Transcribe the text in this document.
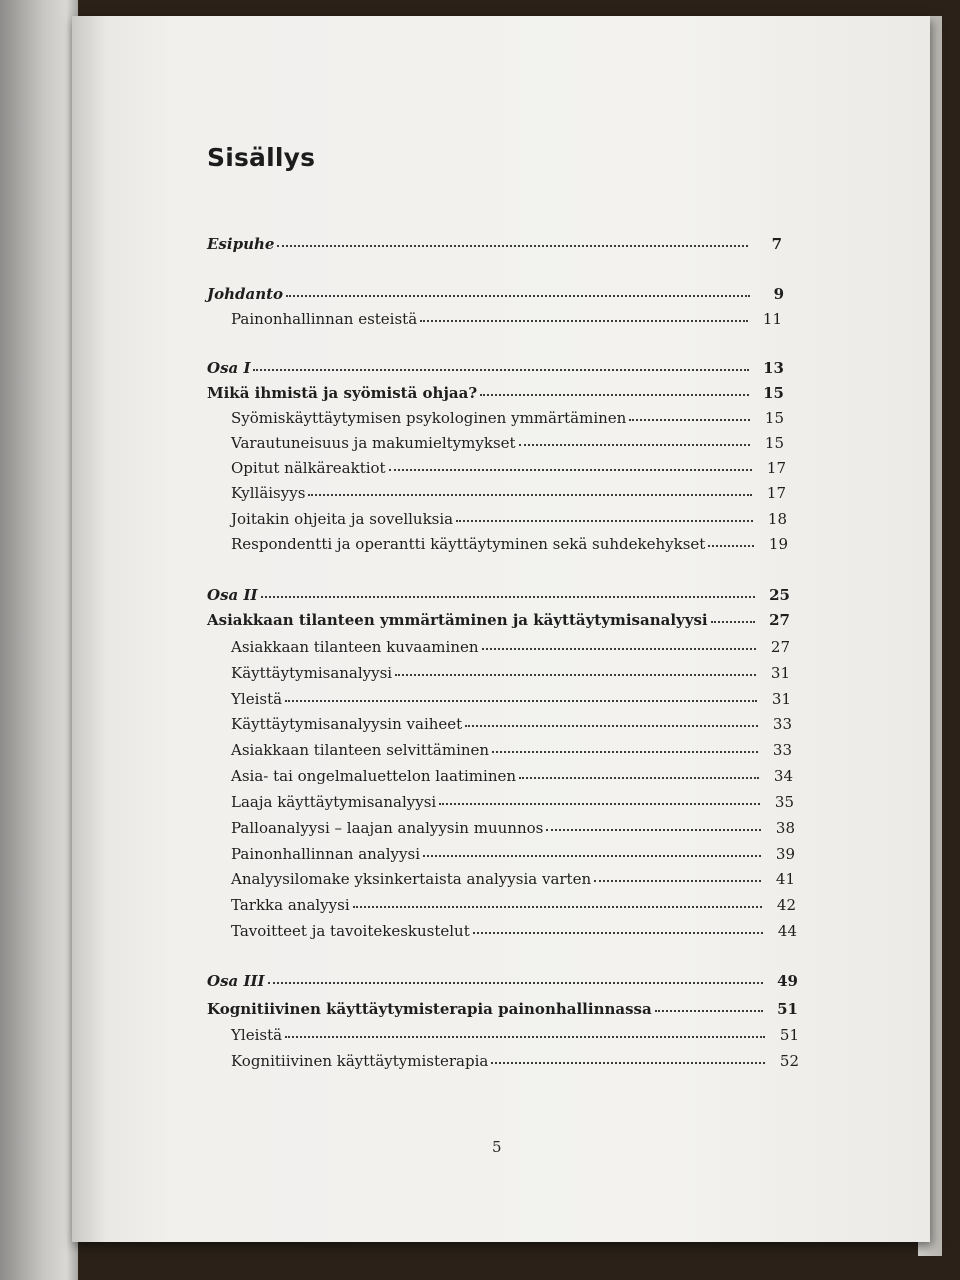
Sisällys
Esipuhe	7
Johdanto	9
Painonhallinnan esteistä	11
Osa I	13
Mikä ihmistä ja syömistä ohjaa?	15
Syömiskäyttäytymisen psykologinen ymmärtäminen	15
Varautuneisuus ja makumieltymykset	15
Opitut nälkäreaktiot	17
Kylläisyys	17
Joitakin ohjeita ja sovelluksia	18
Respondentti ja operantti käyttäytyminen sekä suhdekehykset	19
Osa II	25
Asiakkaan tilanteen ymmärtäminen ja käyttäytymisanalyysi	27
Asiakkaan tilanteen kuvaaminen	27
Käyttäytymisanalyysi	31
Yleistä	31
Käyttäytymisanalyysin vaiheet	33
Asiakkaan tilanteen selvittäminen	33
Asia- tai ongelmaluettelon laatiminen	34
Laaja käyttäytymisanalyysi	35
Palloanalyysi – laajan analyysin muunnos	38
Painonhallinnan analyysi	39
Analyysilomake yksinkertaista analyysia varten	41
Tarkka analyysi	42
Tavoitteet ja tavoitekeskustelut	44
Osa III	49
Kognitiivinen käyttäytymisterapia painonhallinnassa	51
Yleistä	51
Kognitiivinen käyttäytymisterapia	52
5
